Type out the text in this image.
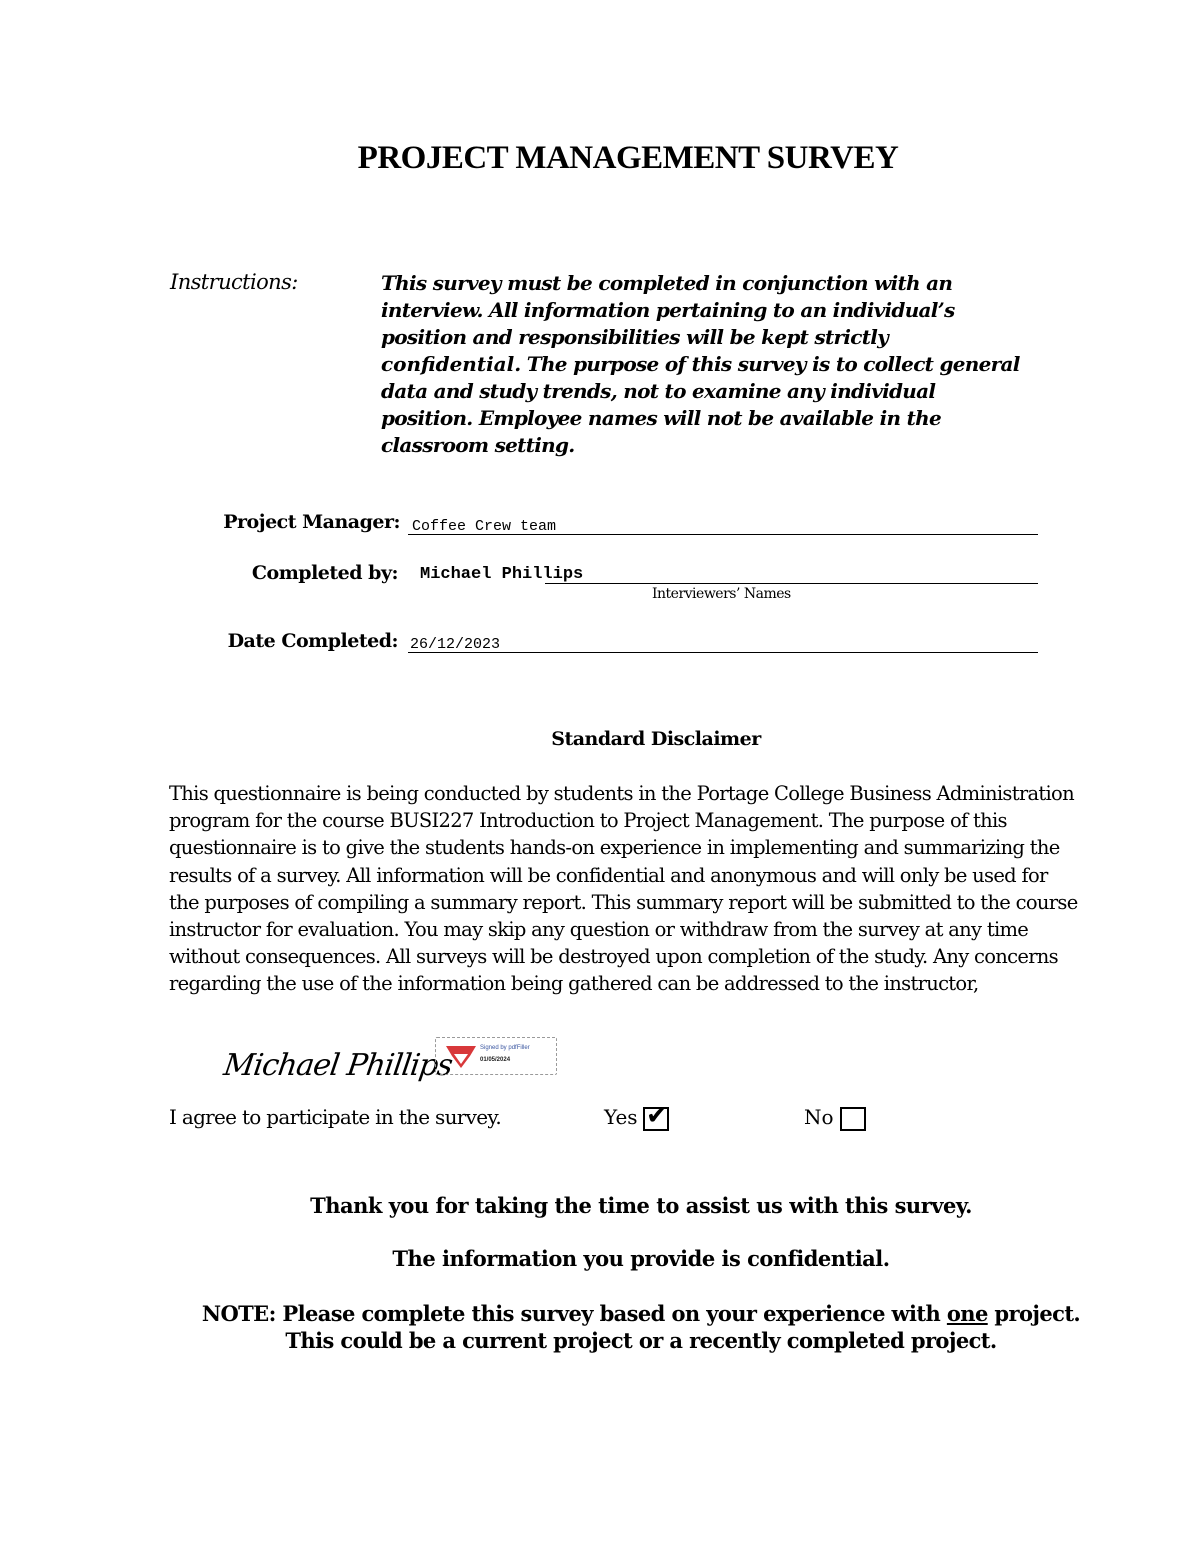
PROJECT MANAGEMENT SURVEY
Instructions:	This survey must be completed in conjunction with an
interview. All information pertaining to an individual’s
position and responsibilities will be kept strictly
confidential. The purpose of this survey is to collect general
data and study trends, not to examine any individual
position. Employee names will not be available in the
classroom setting.
Project Manager: Coffee Crew team
Completed by: Michael Phillips
Interviewers’ Names
Date Completed: 26/12/2023
Standard Disclaimer
This questionnaire is being conducted by students in the Portage College Business Administration
program for the course BUSI227 Introduction to Project Management. The purpose of this
questionnaire is to give the students hands-on experience in implementing and summarizing the
results of a survey. All information will be confidential and anonymous and will only be used for
the purposes of compiling a summary report. This summary report will be submitted to the course
instructor for evaluation. You may skip any question or withdraw from the survey at any time
without consequences. All surveys will be destroyed upon completion of the study. Any concerns
regarding the use of the information being gathered can be addressed to the instructor,
Michael Phillips	Signed by pdfFiller
01/05/2024
I agree to participate in the survey.	Yes ✔	No
Thank you for taking the time to assist us with this survey.
The information you provide is confidential.
NOTE: Please complete this survey based on your experience with one project.
This could be a current project or a recently completed project.
